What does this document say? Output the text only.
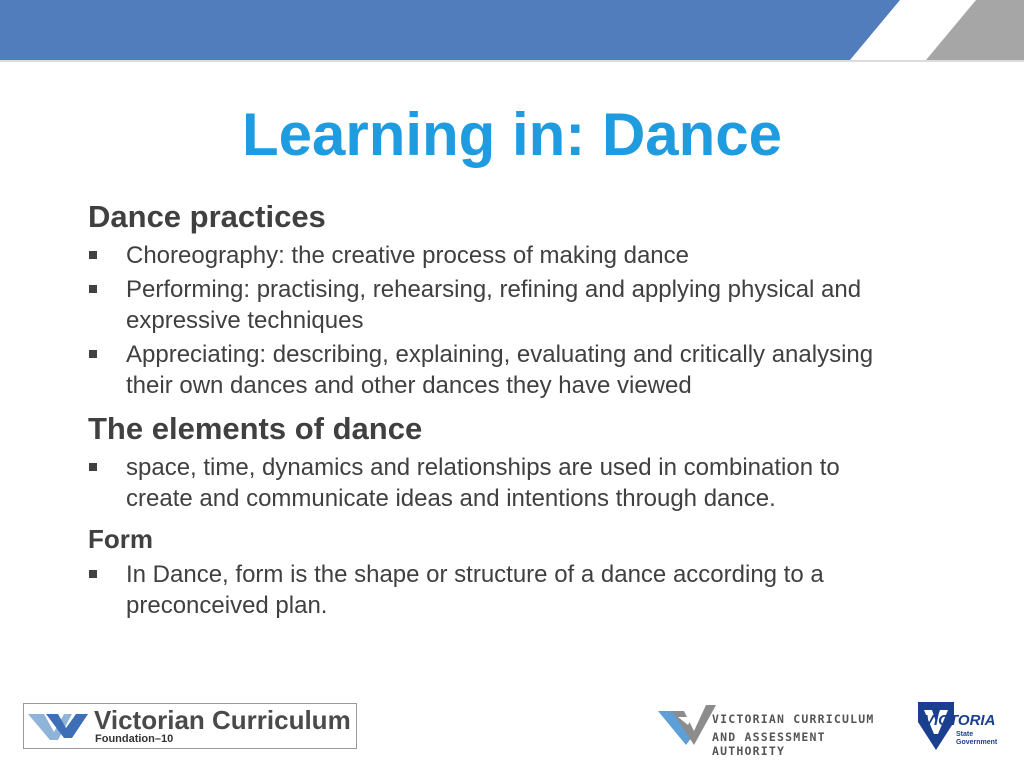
Learning in: Dance
Dance practices
Choreography: the creative process of making dance
Performing: practising, rehearsing, refining and applying physical and
expressive techniques
Appreciating: describing, explaining, evaluating and critically analysing
their own dances and other dances they have viewed
The elements of dance
space, time, dynamics and relationships are used in combination to
create and communicate ideas and intentions through dance.
Form
In Dance, form is the shape or structure of a dance according to a
preconceived plan.
Victorian Curriculum
Foundation–10
VICTORIAN CURRICULUM
AND ASSESSMENT AUTHORITY
VICTORIA
State
Government
